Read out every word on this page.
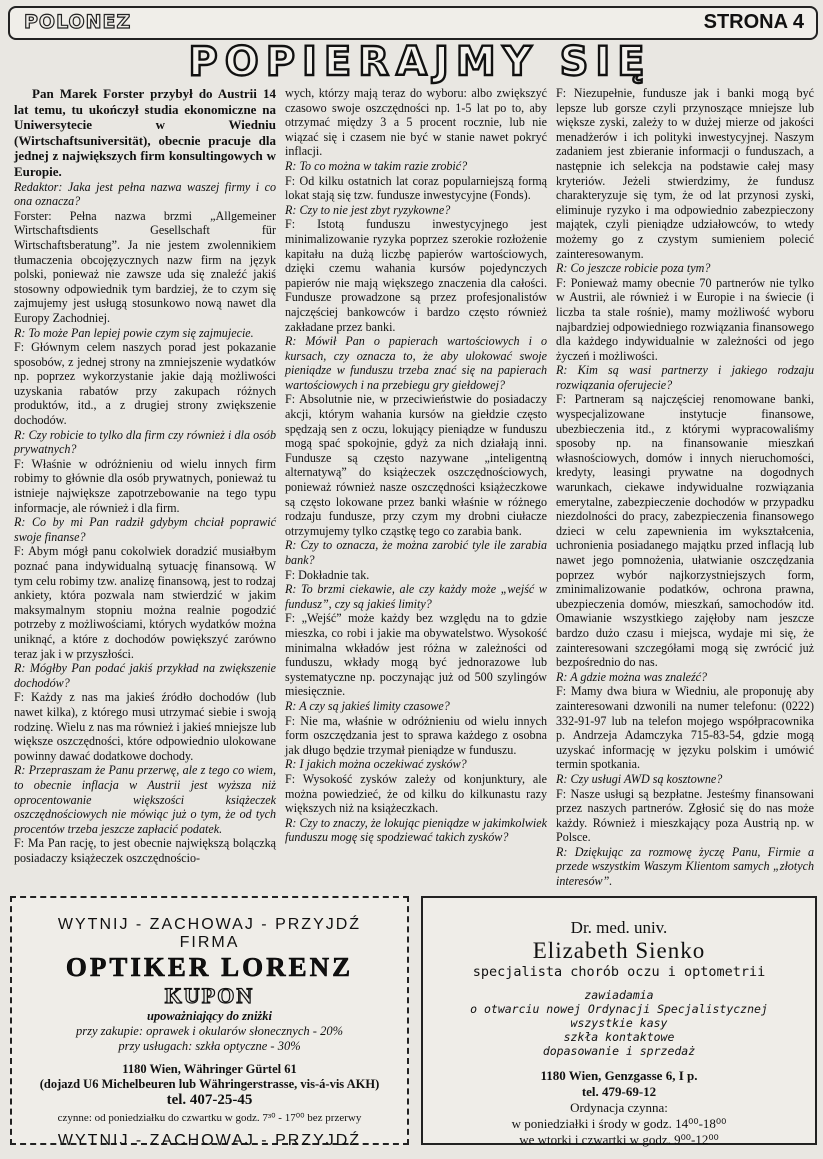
POLONEZ	STRONA 4
POPIERAJMY SIĘ

Pan Marek Forster przybył do Austrii 14 lat temu, tu ukończył studia ekonomiczne na Uniwersytecie w Wiedniu (Wirtschaftsuniversität), obecnie pracuje dla jednej z największych firm konsultingowych w Europie.

Redaktor: Jaka jest pełna nazwa waszej firmy i co ona oznacza?

Forster: Pełna nazwa brzmi „Allgemeiner Wirtschaftsdients Gesellschaft für Wirtschaftsberatung”. Ja nie jestem zwolennikiem tłumaczenia obcojęzycznych nazw firm na język polski, ponieważ nie zawsze uda się znaleźć jakiś stosowny odpowiednik tym bardziej, że to czym się zajmujemy jest usługą stosunkowo nową nawet dla Europy Zachodniej.

R: To może Pan lepiej powie czym się zajmujecie.

F: Głównym celem naszych porad jest pokazanie sposobów, z jednej strony na zmniejszenie wydatków np. poprzez wykorzystanie jakie dają możliwości uzyskania rabatów przy zakupach różnych produktów, itd., a z drugiej strony zwiększenie dochodów.

R: Czy robicie to tylko dla firm czy również i dla osób prywatnych?

F: Właśnie w odróżnieniu od wielu innych firm robimy to głównie dla osób prywatnych, ponieważ tu istnieje największe zapotrzebowanie na tego typu informacje, ale również i dla firm.

R: Co by mi Pan radził gdybym chciał poprawić swoje finanse?

F: Abym mógł panu cokolwiek doradzić musiałbym poznać pana indywidualną sytuację finansową. W tym celu robimy tzw. analizę finansową, jest to rodzaj ankiety, która pozwala nam stwierdzić w jakim maksymalnym stopniu można realnie pogodzić potrzeby z możliwościami, których wydatków można uniknąć, a które z dochodów powiększyć zarówno teraz jak i w przyszłości.

R: Mógłby Pan podać jakiś przykład na zwiększenie dochodów?

F: Każdy z nas ma jakieś źródło dochodów (lub nawet kilka), z którego musi utrzymać siebie i swoją rodzinę. Wielu z nas ma również i jakieś mniejsze lub większe oszczędności, które odpowiednio ulokowane powinny dawać dodatkowe dochody.

R: Przepraszam że Panu przerwę, ale z tego co wiem, to obecnie inflacja w Austrii jest wyższa niż oprocentowanie większości książeczek oszczędnościowych nie mówiąc już o tym, że od tych procentów trzeba jeszcze zapłacić podatek.

F: Ma Pan rację, to jest obecnie największą bolączką posiadaczy książeczek oszczędnościo-

wych, którzy mają teraz do wyboru: albo zwiększyć czasowo swoje oszczędności np. 1-5 lat po to, aby otrzymać między 3 a 5 procent rocznie, lub nie wiązać się i czasem nie być w stanie nawet pokryć inflacji.

R: To co można w takim razie zrobić?

F: Od kilku ostatnich lat coraz popularniejszą formą lokat stają się tzw. fundusze inwestycyjne (Fonds).

R: Czy to nie jest zbyt ryzykowne?

F: Istotą funduszu inwestycyjnego jest minimalizowanie ryzyka poprzez szerokie rozłożenie kapitału na dużą liczbę papierów wartościowych, dzięki czemu wahania kursów pojedynczych papierów nie mają większego znaczenia dla całości. Fundusze prowadzone są przez profesjonalistów najczęściej bankowców i bardzo często również zakładane przez banki.

R: Mówił Pan o papierach wartościowych i o kursach, czy oznacza to, że aby ulokować swoje pieniądze w funduszu trzeba znać się na papierach wartościowych i na przebiegu gry giełdowej?

F: Absolutnie nie, w przeciwieństwie do posiadaczy akcji, którym wahania kursów na giełdzie często spędzają sen z oczu, lokujący pieniądze w funduszu mogą spać spokojnie, gdyż za nich działają inni. Fundusze są często nazywane „inteligentną alternatywą” do książeczek oszczędnościowych, ponieważ również nasze oszczędności książeczkowe są często lokowane przez banki właśnie w różnego rodzaju fundusze, przy czym my drobni ciułacze otrzymujemy tylko cząstkę tego co zarabia bank.

R: Czy to oznacza, że można zarobić tyle ile zarabia bank?

F: Dokładnie tak.

R: To brzmi ciekawie, ale czy każdy może „wejść w fundusz”, czy są jakieś limity?

F: „Wejść” może każdy bez względu na to gdzie mieszka, co robi i jakie ma obywatelstwo. Wysokość minimalna wkładów jest różna w zależności od funduszu, wkłady mogą być jednorazowe lub systematyczne np. poczynając już od 500 szylingów miesięcznie.

R: A czy są jakieś limity czasowe?

F: Nie ma, właśnie w odróżnieniu od wielu innych form oszczędzania jest to sprawa każdego z osobna jak długo będzie trzymał pieniądze w funduszu.

R: I jakich można oczekiwać zysków?

F: Wysokość zysków zależy od konjunktury, ale można powiedzieć, że od kilku do kilkunastu razy większych niż na książeczkach.

R: Czy to znaczy, że lokując pieniądze w jakimkolwiek funduszu mogę się spodziewać takich zysków?

F: Niezupełnie, fundusze jak i banki mogą być lepsze lub gorsze czyli przynoszące mniejsze lub większe zyski, zależy to w dużej mierze od jakości menadżerów i ich polityki inwestycyjnej. Naszym zadaniem jest zbieranie informacji o funduszach, a następnie ich selekcja na podstawie całej masy kryteriów. Jeżeli stwierdzimy, że fundusz charakteryzuje się tym, że od lat przynosi zyski, eliminuje ryzyko i ma odpowiednio zabezpieczony majątek, czyli pieniądze udziałowców, to wtedy możemy go z czystym sumieniem polecić zainteresowanym.

R: Co jeszcze robicie poza tym?

F: Ponieważ mamy obecnie 70 partnerów nie tylko w Austrii, ale również i w Europie i na świecie (i liczba ta stale rośnie), mamy możliwość wyboru najbardziej odpowiedniego rozwiązania finansowego dla każdego indywidualnie w zależności od jego życzeń i możliwości.

R: Kim są wasi partnerzy i jakiego rodzaju rozwiązania oferujecie?

F: Partneram są najczęściej renomowane banki, wyspecjalizowane instytucje finansowe, ubezbieczenia itd., z którymi wypracowaliśmy sposoby np. na finansowanie mieszkań własnościowych, domów i innych nieruchomości, kredyty, leasingi prywatne na dogodnych warunkach, ciekawe indywidualne rozwiązania emerytalne, zabezpieczenie dochodów w przypadku niezdolności do pracy, zabezpieczenia finansowego dzieci w celu zapewnienia im wykształcenia, uchronienia posiadanego majątku przed inflacją lub nawet jego pomnożenia, ułatwianie oszczędzania poprzez wybór najkorzystniejszych form, zminimalizowanie podatków, ochrona prawna, ubezpieczenia domów, mieszkań, samochodów itd. Omawianie wszystkiego zajęłoby nam jeszcze bardzo dużo czasu i miejsca, wydaje mi się, że zainteresowani szczegółami mogą się zwrócić już bezpośrednio do nas.

R: A gdzie można was znaleźć?

F: Mamy dwa biura w Wiedniu, ale proponuję aby zainteresowani dzwonili na numer telefonu: (0222) 332-91-97 lub na telefon mojego współpracownika p. Andrzeja Adamczyka 715-83-54, gdzie mogą uzyskać informację w języku polskim i umówić termin spotkania.

R: Czy usługi AWD są kosztowne?

F: Nasze usługi są bezpłatne. Jesteśmy finansowani przez naszych partnerów. Zgłosić się do nas może każdy. Również i mieszkający poza Austrią np. w Polsce.

R: Dziękując za rozmowę życzę Panu, Firmie a przede wszystkim Waszym Klientom samych „złotych interesów”.

WYTNIJ - ZACHOWAJ - PRZYJDŹ
FIRMA
OPTIKER LORENZ
KUPON
upoważniający do zniżki
przy zakupie: oprawek i okularów słonecznych - 20%
przy usługach: szkła optyczne - 30%
1180 Wien, Währinger Gürtel 61
(dojazd U6 Michelbeuren lub Währingerstrasse, vis-á-vis AKH)
tel. 407-25-45
czynne: od poniedziałku do czwartku w godz. 7³⁰ - 17⁰⁰ bez przerwy
WYTNIJ - ZACHOWAJ - PRZYJDŹ
Dr. med. univ.
Elizabeth Sienko
specjalista chorób oczu i optometrii
zawiadamia
o otwarciu nowej Ordynacji Specjalistycznej
wszystkie kasy
szkła kontaktowe
dopasowanie i sprzedaż
1180 Wien, Genzgasse 6, I p.
tel. 479-69-12
Ordynacja czynna:
w poniedziałki i środy w godz. 14⁰⁰-18⁰⁰
we wtorki i czwartki w godz. 9⁰⁰-12⁰⁰
